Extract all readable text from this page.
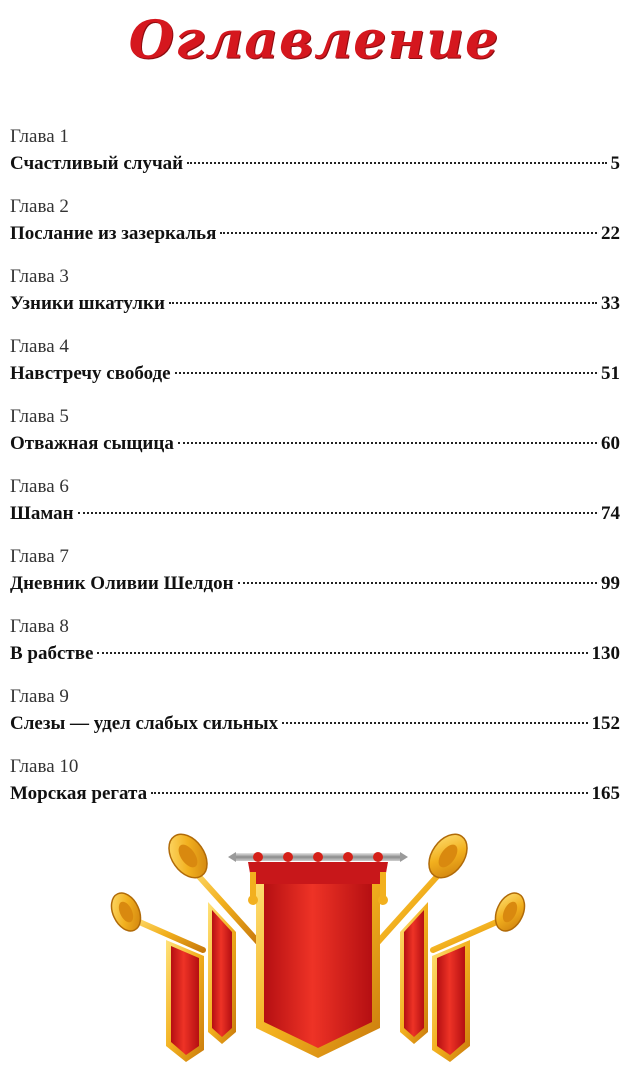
Оглавление
Глава 1
Счастливый случай	5
Глава 2
Послание из зазеркалья	22
Глава 3
Узники шкатулки	33
Глава 4
Навстречу свободе	51
Глава 5
Отважная сыщица	60
Глава 6
Шаман	74
Глава 7
Дневник Оливии Шелдон	99
Глава 8
В рабстве	130
Глава 9
Слезы — удел слабых сильных	152
Глава 10
Морская регата	165
